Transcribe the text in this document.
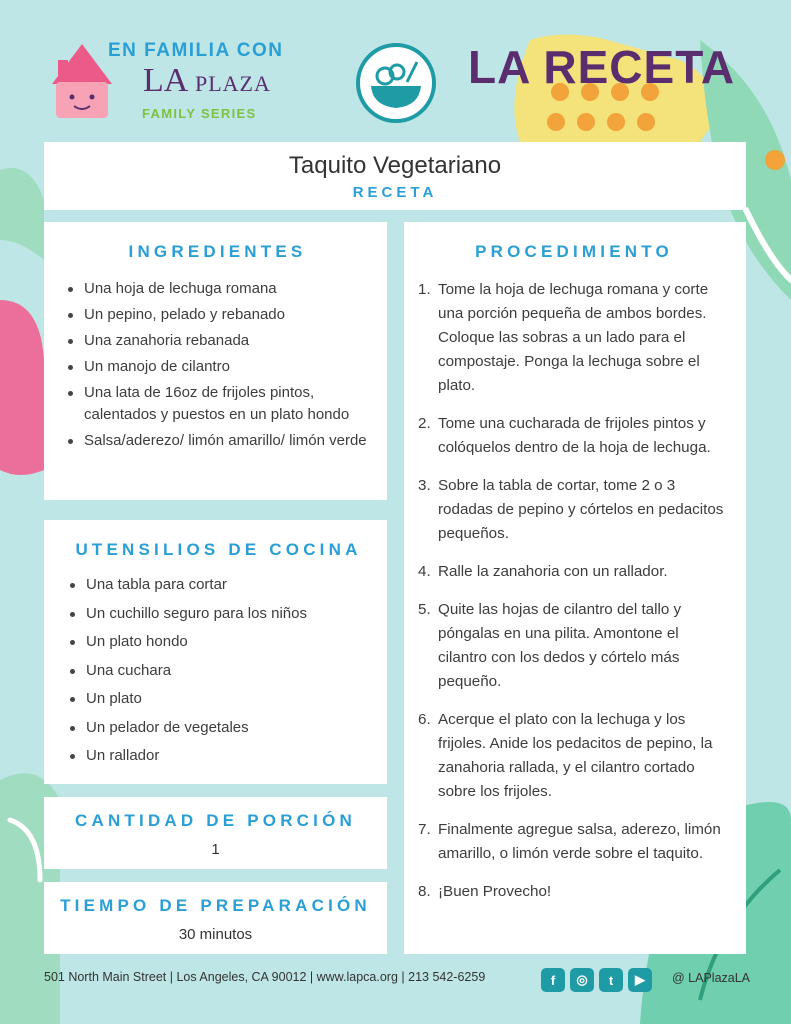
EN FAMILIA CON
LA PLAZA
FAMILY SERIES
LA RECETA
Taquito Vegetariano
RECETA
INGREDIENTES
Una hoja de lechuga romana
Un pepino, pelado y rebanado
Una zanahoria rebanada
Un manojo de cilantro
Una lata de 16oz de frijoles pintos, calentados y puestos en un plato hondo
Salsa/aderezo/ limón amarillo/ limón verde
UTENSILIOS DE COCINA
Una tabla para cortar
Un cuchillo seguro para los niños
Un plato hondo
Una cuchara
Un plato
Un pelador de vegetales
Un rallador
CANTIDAD DE PORCIÓN
1
TIEMPO DE PREPARACIÓN
30 minutos
PROCEDIMIENTO
1. Tome la hoja de lechuga romana y corte una porción pequeña de ambos bordes. Coloque las sobras a un lado para el compostaje. Ponga la lechuga sobre el plato.
2. Tome una cucharada de frijoles pintos y colóquelos dentro de la hoja de lechuga.
3. Sobre la tabla de cortar, tome 2 o 3 rodadas de pepino y córtelos en pedacitos pequeños.
4. Ralle la zanahoria con un rallador.
5. Quite las hojas de cilantro del tallo y póngalas en una pilita. Amontone el cilantro con los dedos y córtelo más pequeño.
6. Acerque el plato con la lechuga y los frijoles. Anide los pedacitos de pepino, la zanahoria rallada, y el cilantro cortado sobre los frijoles.
7. Finalmente agregue salsa, aderezo, limón amarillo, o limón verde sobre el taquito.
8. ¡Buen Provecho!
501 North Main Street | Los Angeles, CA 90012 | www.lapca.org | 213 542-6259	f	◎	t	▶	@ LAPlazaLA
